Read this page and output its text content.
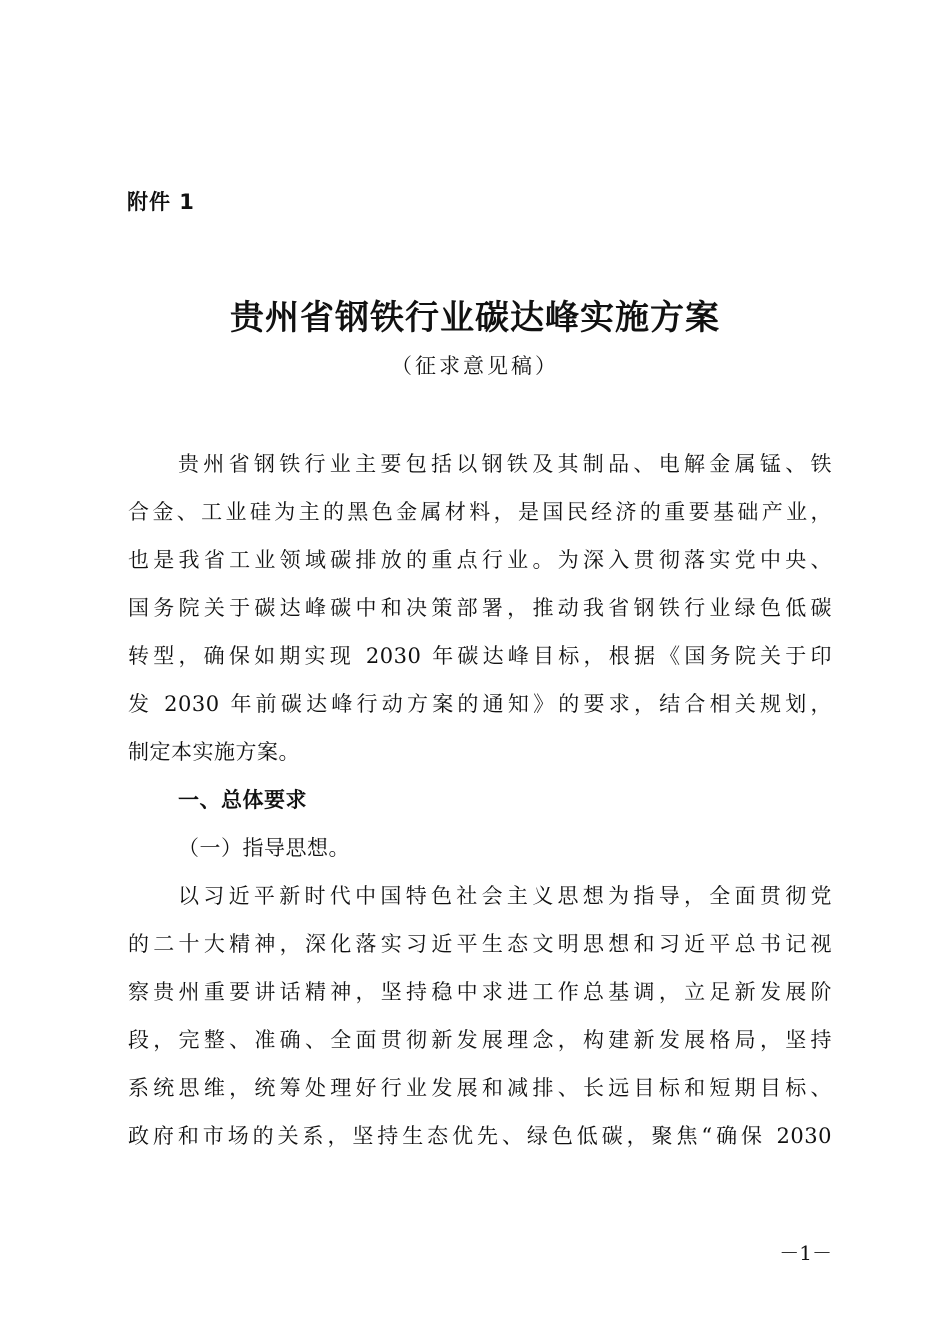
附件 1
贵州省钢铁行业碳达峰实施方案
（征求意见稿）
贵州省钢铁行业主要包括以钢铁及其制品、电解金属锰、铁
合金、工业硅为主的黑色金属材料，是国民经济的重要基础产业，
也是我省工业领域碳排放的重点行业。为深入贯彻落实党中央、
国务院关于碳达峰碳中和决策部署，推动我省钢铁行业绿色低碳
转型，确保如期实现 2030 年碳达峰目标，根据《国务院关于印
发 2030 年前碳达峰行动方案的通知》的要求，结合相关规划，
制定本实施方案。
一、总体要求
（一）指导思想。
以习近平新时代中国特色社会主义思想为指导，全面贯彻党
的二十大精神，深化落实习近平生态文明思想和习近平总书记视
察贵州重要讲话精神，坚持稳中求进工作总基调，立足新发展阶
段，完整、准确、全面贯彻新发展理念，构建新发展格局，坚持
系统思维，统筹处理好行业发展和减排、长远目标和短期目标、
政府和市场的关系，坚持生态优先、绿色低碳，聚焦“确保 2030
－1－
